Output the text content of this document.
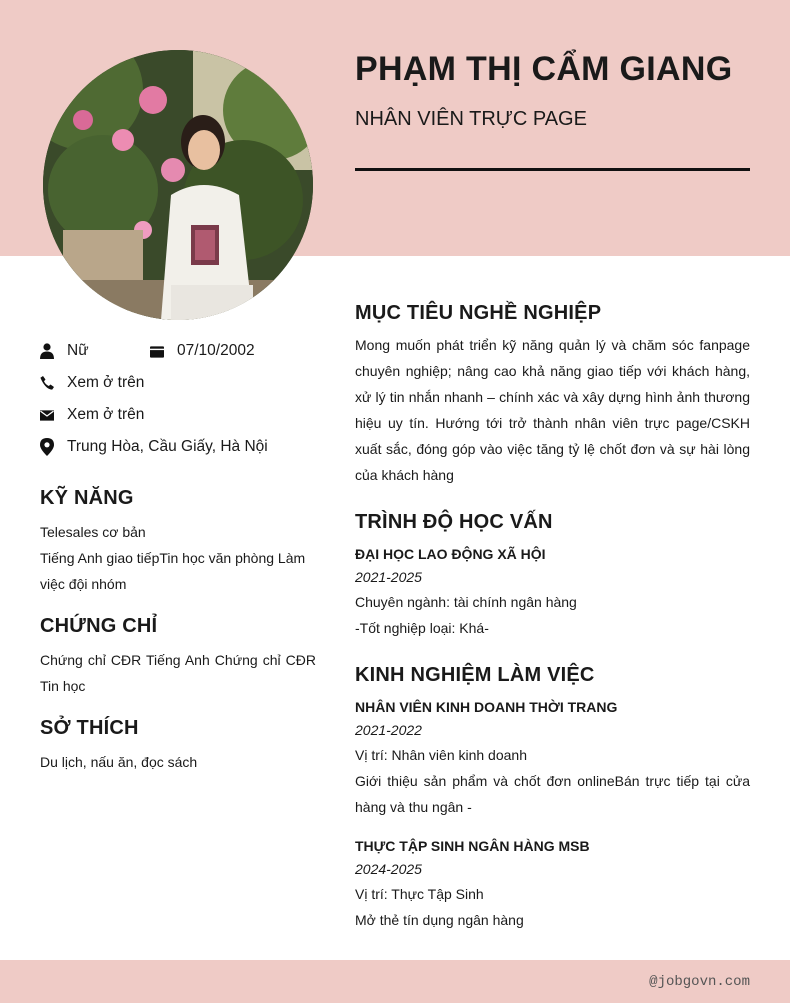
@jobgovn.com
PHẠM THỊ CẨM GIANG
NHÂN VIÊN TRỰC PAGE
Nữ	07/10/2002
Xem ở trên
Xem ở trên
Trung Hòa, Cầu Giấy, Hà Nội
KỸ NĂNG
Telesales cơ bản
Tiếng Anh giao tiếpTin học văn phòng Làm việc đội nhóm
CHỨNG CHỈ
Chứng chỉ CĐR Tiếng Anh Chứng chỉ CĐR Tin học
SỞ THÍCH
Du lịch, nấu ăn, đọc sách
MỤC TIÊU NGHỀ NGHIỆP
Mong muốn phát triển kỹ năng quản lý và chăm sóc fanpage chuyên nghiệp; nâng cao khả năng giao tiếp với khách hàng, xử lý tin nhắn nhanh – chính xác và xây dựng hình ảnh thương hiệu uy tín. Hướng tới trở thành nhân viên trực page/CSKH xuất sắc, đóng góp vào việc tăng tỷ lệ chốt đơn và sự hài lòng của khách hàng
TRÌNH ĐỘ HỌC VẤN
ĐẠI HỌC LAO ĐỘNG XÃ HỘI
2021-2025
Chuyên ngành: tài chính ngân hàng
-Tốt nghiệp loại: Khá-
KINH NGHIỆM LÀM VIỆC
NHÂN VIÊN KINH DOANH THỜI TRANG
2021-2022
Vị trí: Nhân viên kinh doanh
Giới thiệu sản phẩm và chốt đơn onlineBán trực tiếp tại cửa hàng và thu ngân -
THỰC TẬP SINH NGÂN HÀNG MSB
2024-2025
Vị trí: Thực Tập Sinh
Mở thẻ tín dụng ngân hàng
